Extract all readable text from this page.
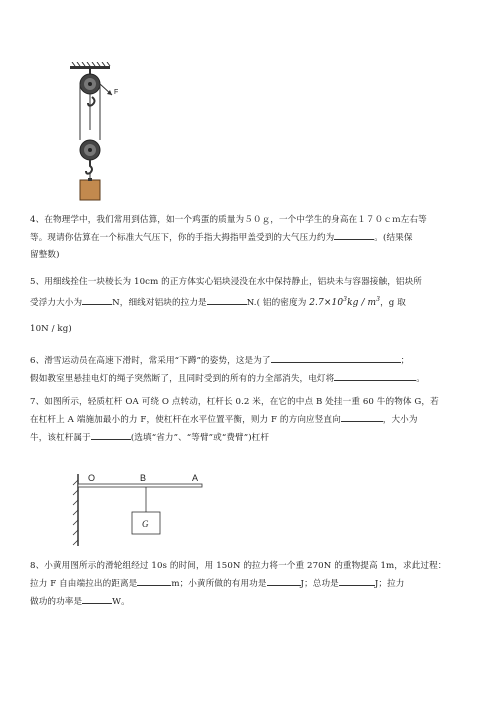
F
4、在物理学中，我们常用到估算，如一个鸡蛋的质量为５０ｇ，一个中学生的身高在１７０ｃｍ左右等
等。现请你估算在一个标准大气压下，你的手指大拇指甲盖受到的大气压力约为	。(结果保
留整数)
5、用细线拴住一块棱长为 10cm 的正方体实心铝块浸没在水中保持静止，铝块未与容器接触，铝块所
受浮力大小为	N，细线对铝块的拉力是	N.( 铝的密度为 $2.7\times 10^3kg / m^3$，g 取
10N / kg)
6、滑雪运动员在高速下滑时，常采用“下蹲”的姿势，这是为了	；
假如教室里悬挂电灯的绳子突然断了，且同时受到的所有的力全部消失，电灯将	。
7、如图所示，轻质杠杆 OA 可绕 O 点转动，杠杆长 0.2 米，在它的中点 B 处挂一重 60 牛的物体 G，若
在杠杆上 A 端施加最小的力 F，使杠杆在水平位置平衡，则力 F 的方向应竖直向	，大小为
牛，该杠杆属于	(选填“省力”、“等臂”或“费臂”)杠杆
O	B	A
G
8、小黄用图所示的滑轮组经过 10s 的时间，用 150N 的拉力将一个重 270N 的重物提高 1m，求此过程：
拉力 F 自由端拉出的距离是	m；小黄所做的有用功是	J；总功是	J；拉力
做功的功率是	W。
